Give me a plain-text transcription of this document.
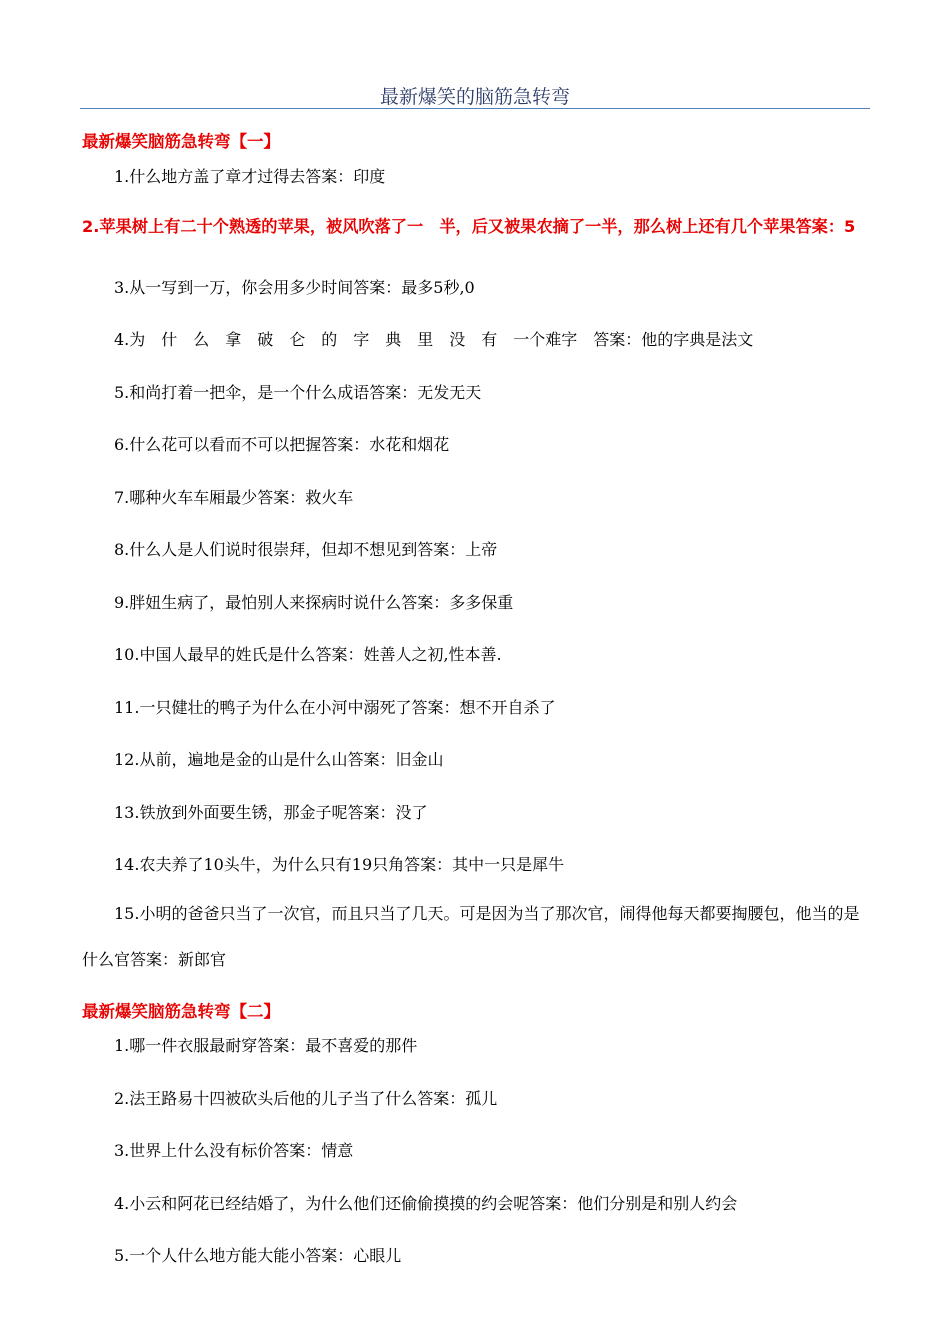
最新爆笑的脑筋急转弯
最新爆笑脑筋急转弯【一】
1.什么地方盖了章才过得去答案：印度
2.苹果树上有二十个熟透的苹果，被风吹落了一　半，后又被果农摘了一半，那么树上还有几个苹果答案：5
3.从一写到一万，你会用多少时间答案：最多5秒,0
4.为　什　么　拿　破　仑　的　字　典　里　没　有　一个难字　答案：他的字典是法文
5.和尚打着一把伞，是一个什么成语答案：无发无天
6.什么花可以看而不可以把握答案：水花和烟花
7.哪种火车车厢最少答案：救火车
8.什么人是人们说时很崇拜，但却不想见到答案：上帝
9.胖妞生病了，最怕别人来探病时说什么答案：多多保重
10.中国人最早的姓氏是什么答案：姓善人之初,性本善.
11.一只健壮的鸭子为什么在小河中溺死了答案：想不开自杀了
12.从前，遍地是金的山是什么山答案：旧金山
13.铁放到外面要生锈，那金子呢答案：没了
14.农夫养了10头牛，为什么只有19只角答案：其中一只是犀牛
15.小明的爸爸只当了一次官，而且只当了几天。可是因为当了那次官，闹得他每天都要掏腰包，他当的是什么官答案：新郎官
最新爆笑脑筋急转弯【二】
1.哪一件衣服最耐穿答案：最不喜爱的那件
2.法王路易十四被砍头后他的儿子当了什么答案：孤儿
3.世界上什么没有标价答案：情意
4.小云和阿花已经结婚了，为什么他们还偷偷摸摸的约会呢答案：他们分别是和别人约会
5.一个人什么地方能大能小答案：心眼儿
